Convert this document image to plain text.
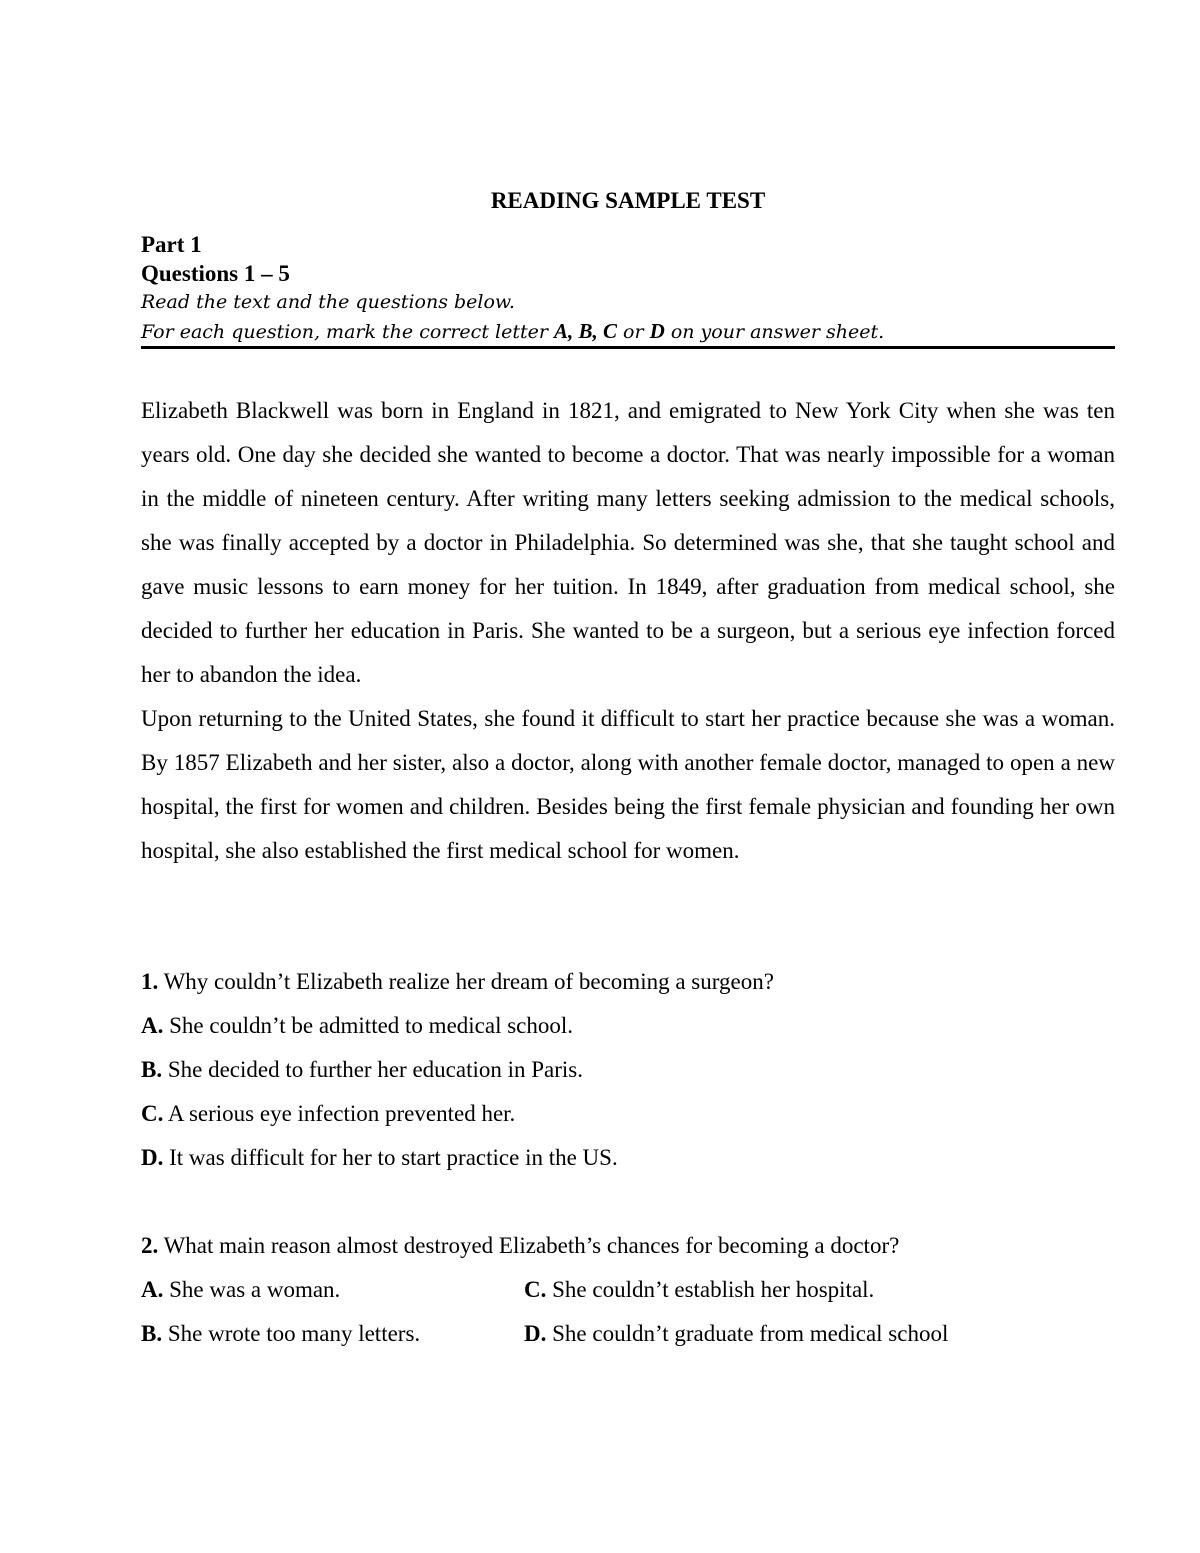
READING SAMPLE TEST
Part 1
Questions 1 – 5
Read the text and the questions below.
For each question, mark the correct letter A, B, C or D on your answer sheet.

Elizabeth Blackwell was born in England in 1821, and emigrated to New York City when she was ten years old. One day she decided she wanted to become a doctor. That was nearly impossible for a woman in the middle of nineteen century. After writing many letters seeking admission to the medical schools, she was finally accepted by a doctor in Philadelphia. So determined was she, that she taught school and gave music lessons to earn money for her tuition. In 1849, after graduation from medical school, she decided to further her education in Paris. She wanted to be a surgeon, but a serious eye infection forced her to abandon the idea.

Upon returning to the United States, she found it difficult to start her practice because she was a woman. By 1857 Elizabeth and her sister, also a doctor, along with another female doctor, managed to open a new hospital, the first for women and children. Besides being the first female physician and founding her own hospital, she also established the first medical school for women.

1. Why couldn’t Elizabeth realize her dream of becoming a surgeon?
A. She couldn’t be admitted to medical school.
B. She decided to further her education in Paris.
C. A serious eye infection prevented her.
D. It was difficult for her to start practice in the US.
2. What main reason almost destroyed Elizabeth’s chances for becoming a doctor?
A. She was a woman.	C. She couldn’t establish her hospital.
B. She wrote too many letters.	D. She couldn’t graduate from medical school
